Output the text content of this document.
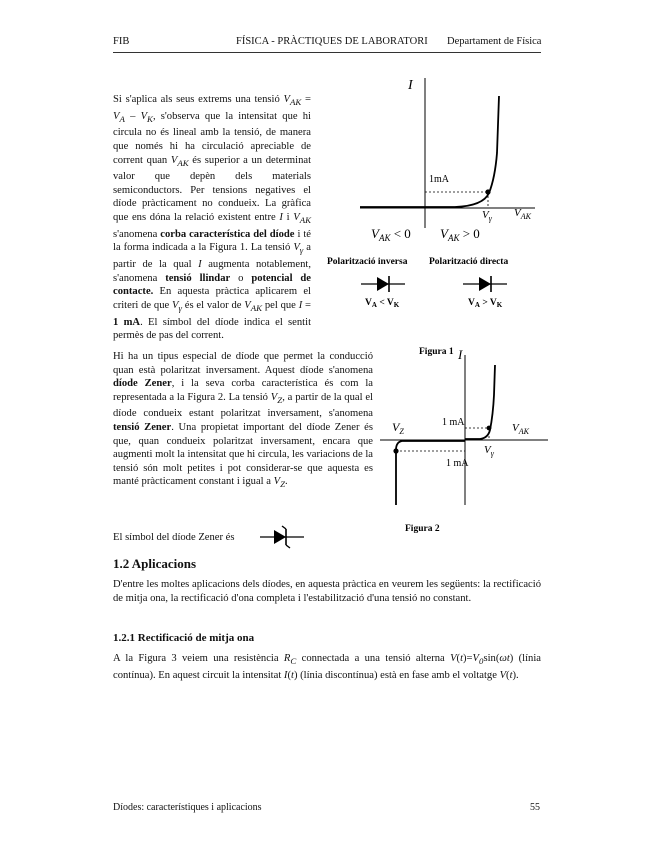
FIB	FÍSICA - PRÀCTIQUES DE LABORATORI Departament de Física

Si s'aplica als seus extrems una tensió $V_{AK} = V_A - V_K$, s'observa que la intensitat que hi circula no és lineal amb la tensió, de manera que només hi ha circulació apreciable de corrent quan $V_{AK}$ és superior a un determinat valor que depèn dels materials semiconductors. Per tensions negatives el díode pràcticament no condueix. La gràfica que ens dóna la relació existent entre I i $V_{AK}$ s'anomena corba característica del díode i té la forma indicada a la Figura 1. La tensió $V_\gamma$ a partir de la qual I augmenta notablement, s'anomena tensió llindar o potencial de contacte. En aquesta pràctica aplicarem el criteri de que $V_\gamma$ és el valor de $V_{AK}$ pel que I = 1 mA. El símbol del díode indica el sentit permès de pas del corrent.

Hi ha un tipus especial de díode que permet la conducció quan està polaritzat inversament. Aquest díode s'anomena díode Zener, i la seva corba característica és com la representada a la Figura 2. La tensió $V_Z$, a partir de la qual el díode condueix estant polaritzat inversament, s'anomena tensió Zener. Una propietat important del díode Zener és que, quan condueix polaritzat inversament, encara que augmenti molt la intensitat que hi circula, les variacions de la tensió són molt petites i pot considerar-se que aquesta es manté pràcticament constant i igual a $V_Z$.

El símbol del díode Zener és
I
1mA
$V_\gamma$ $V_{AK}$
$V_{AK} < 0$ $V_{AK} > 0$
Polarització inversa Polarització directa
$V_A < V_K$	$V_A > V_K$
Figura 1 I
1 mA
1 mA
$V_Z$
$V_\gamma$
$V_{AK}$
Figura 2
1.2 Aplicacions
D'entre les moltes aplicacions dels díodes, en aquesta pràctica en veurem les següents: la rectificació de mitja ona, la rectificació d'ona completa i l'estabilització d'una tensió no constant.
1.2.1 Rectificació de mitja ona

A la Figura 3 veiem una resistència $R_C$ connectada a una tensió alterna $V(t)=V_0\sin(\omega t)$ (línia contínua). En aquest circuit la intensitat I(t) (línia discontínua) està en fase amb el voltatge V(t).

Díodes: característiques i aplicacions	55
